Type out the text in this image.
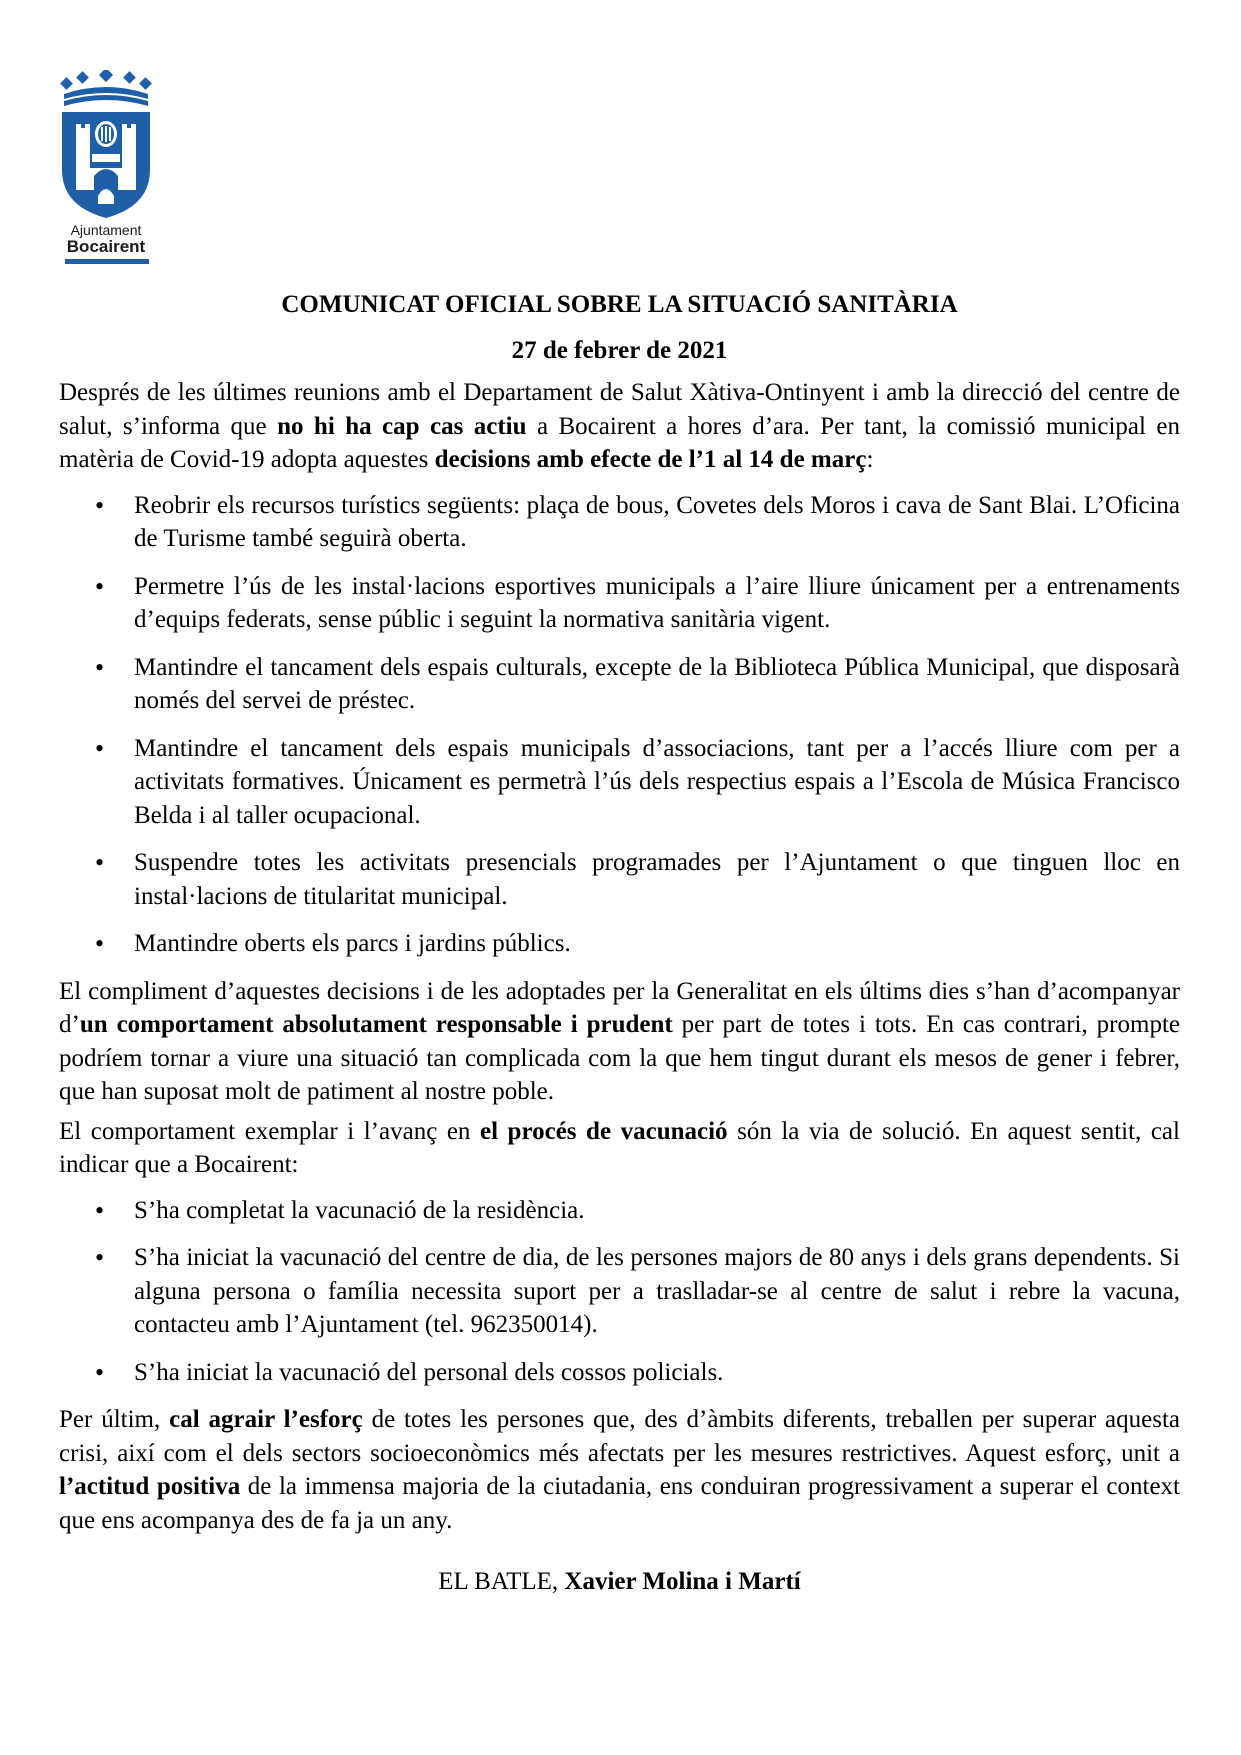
Ajuntament
Bocairent
COMUNICAT OFICIAL SOBRE LA SITUACIÓ SANITÀRIA
27 de febrer de 2021

Després de les últimes reunions amb el Departament de Salut Xàtiva-Ontinyent i amb la direcció del centre de salut, s’informa que no hi ha cap cas actiu a Bocairent a hores d’ara. Per tant, la comissió municipal en matèria de Covid-19 adopta aquestes decisions amb efecte de l’1 al 14 de març:

• Reobrir els recursos turístics següents: plaça de bous, Covetes dels Moros i cava de Sant Blai. L’Oficina de Turisme també seguirà oberta.
• Permetre l’ús de les instal·lacions esportives municipals a l’aire lliure únicament per a entrenaments d’equips federats, sense públic i seguint la normativa sanitària vigent.
• Mantindre el tancament dels espais culturals, excepte de la Biblioteca Pública Municipal, que disposarà només del servei de préstec.
• Mantindre el tancament dels espais municipals d’associacions, tant per a l’accés lliure com per a activitats formatives. Únicament es permetrà l’ús dels respectius espais a l’Escola de Música Francisco Belda i al taller ocupacional.
• Suspendre totes les activitats presencials programades per l’Ajuntament o que tinguen lloc en instal·lacions de titularitat municipal.
• Mantindre oberts els parcs i jardins públics.

El compliment d’aquestes decisions i de les adoptades per la Generalitat en els últims dies s’han d’acompanyar d’un comportament absolutament responsable i prudent per part de totes i tots. En cas contrari, prompte podríem tornar a viure una situació tan complicada com la que hem tingut durant els mesos de gener i febrer, que han suposat molt de patiment al nostre poble.

El comportament exemplar i l’avanç en el procés de vacunació són la via de solució. En aquest sentit, cal indicar que a Bocairent:

• S’ha completat la vacunació de la residència.
• S’ha iniciat la vacunació del centre de dia, de les persones majors de 80 anys i dels grans dependents. Si alguna persona o família necessita suport per a traslladar-se al centre de salut i rebre la vacuna, contacteu amb l’Ajuntament (tel. 962350014).
• S’ha iniciat la vacunació del personal dels cossos policials.

Per últim, cal agrair l’esforç de totes les persones que, des d’àmbits diferents, treballen per superar aquesta crisi, així com el dels sectors socioeconòmics més afectats per les mesures restrictives. Aquest esforç, unit a l’actitud positiva de la immensa majoria de la ciutadania, ens conduiran progressivament a superar el context que ens acompanya des de fa ja un any.

EL BATLE, Xavier Molina i Martí
